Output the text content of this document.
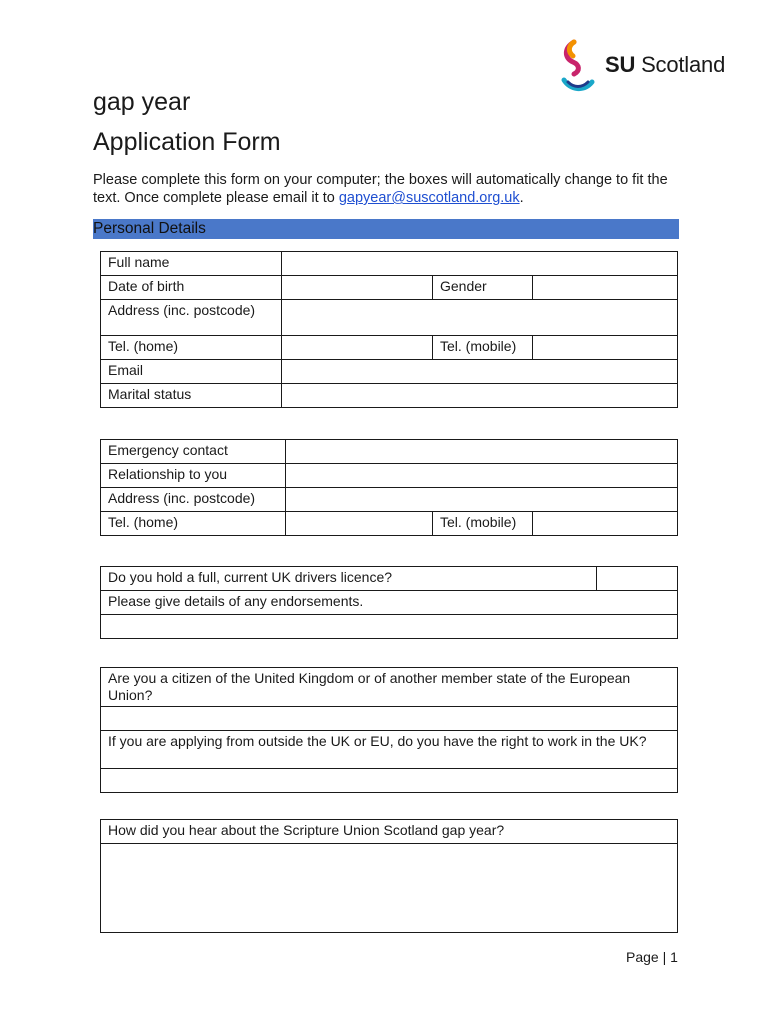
SU Scotland
gap year
Application Form
Please complete this form on your computer; the boxes will automatically change to fit the text. Once complete please email it to gapyear@suscotland.org.uk.
Personal Details
Full name			
Date of birth		Gender	
Address (inc. postcode)			
Tel. (home)		Tel. (mobile)	
Email			
Marital status			
Emergency contact			
Relationship to you			
Address (inc. postcode)			
Tel. (home)		Tel. (mobile)	
Do you hold a full, current UK drivers licence?	
Please give details of any endorsements.

Are you a citizen of the United Kingdom or of another member state of the European Union?

If you are applying from outside the UK or EU, do you have the right to work in the UK?

How did you hear about the Scripture Union Scotland gap year?

Page | 1
